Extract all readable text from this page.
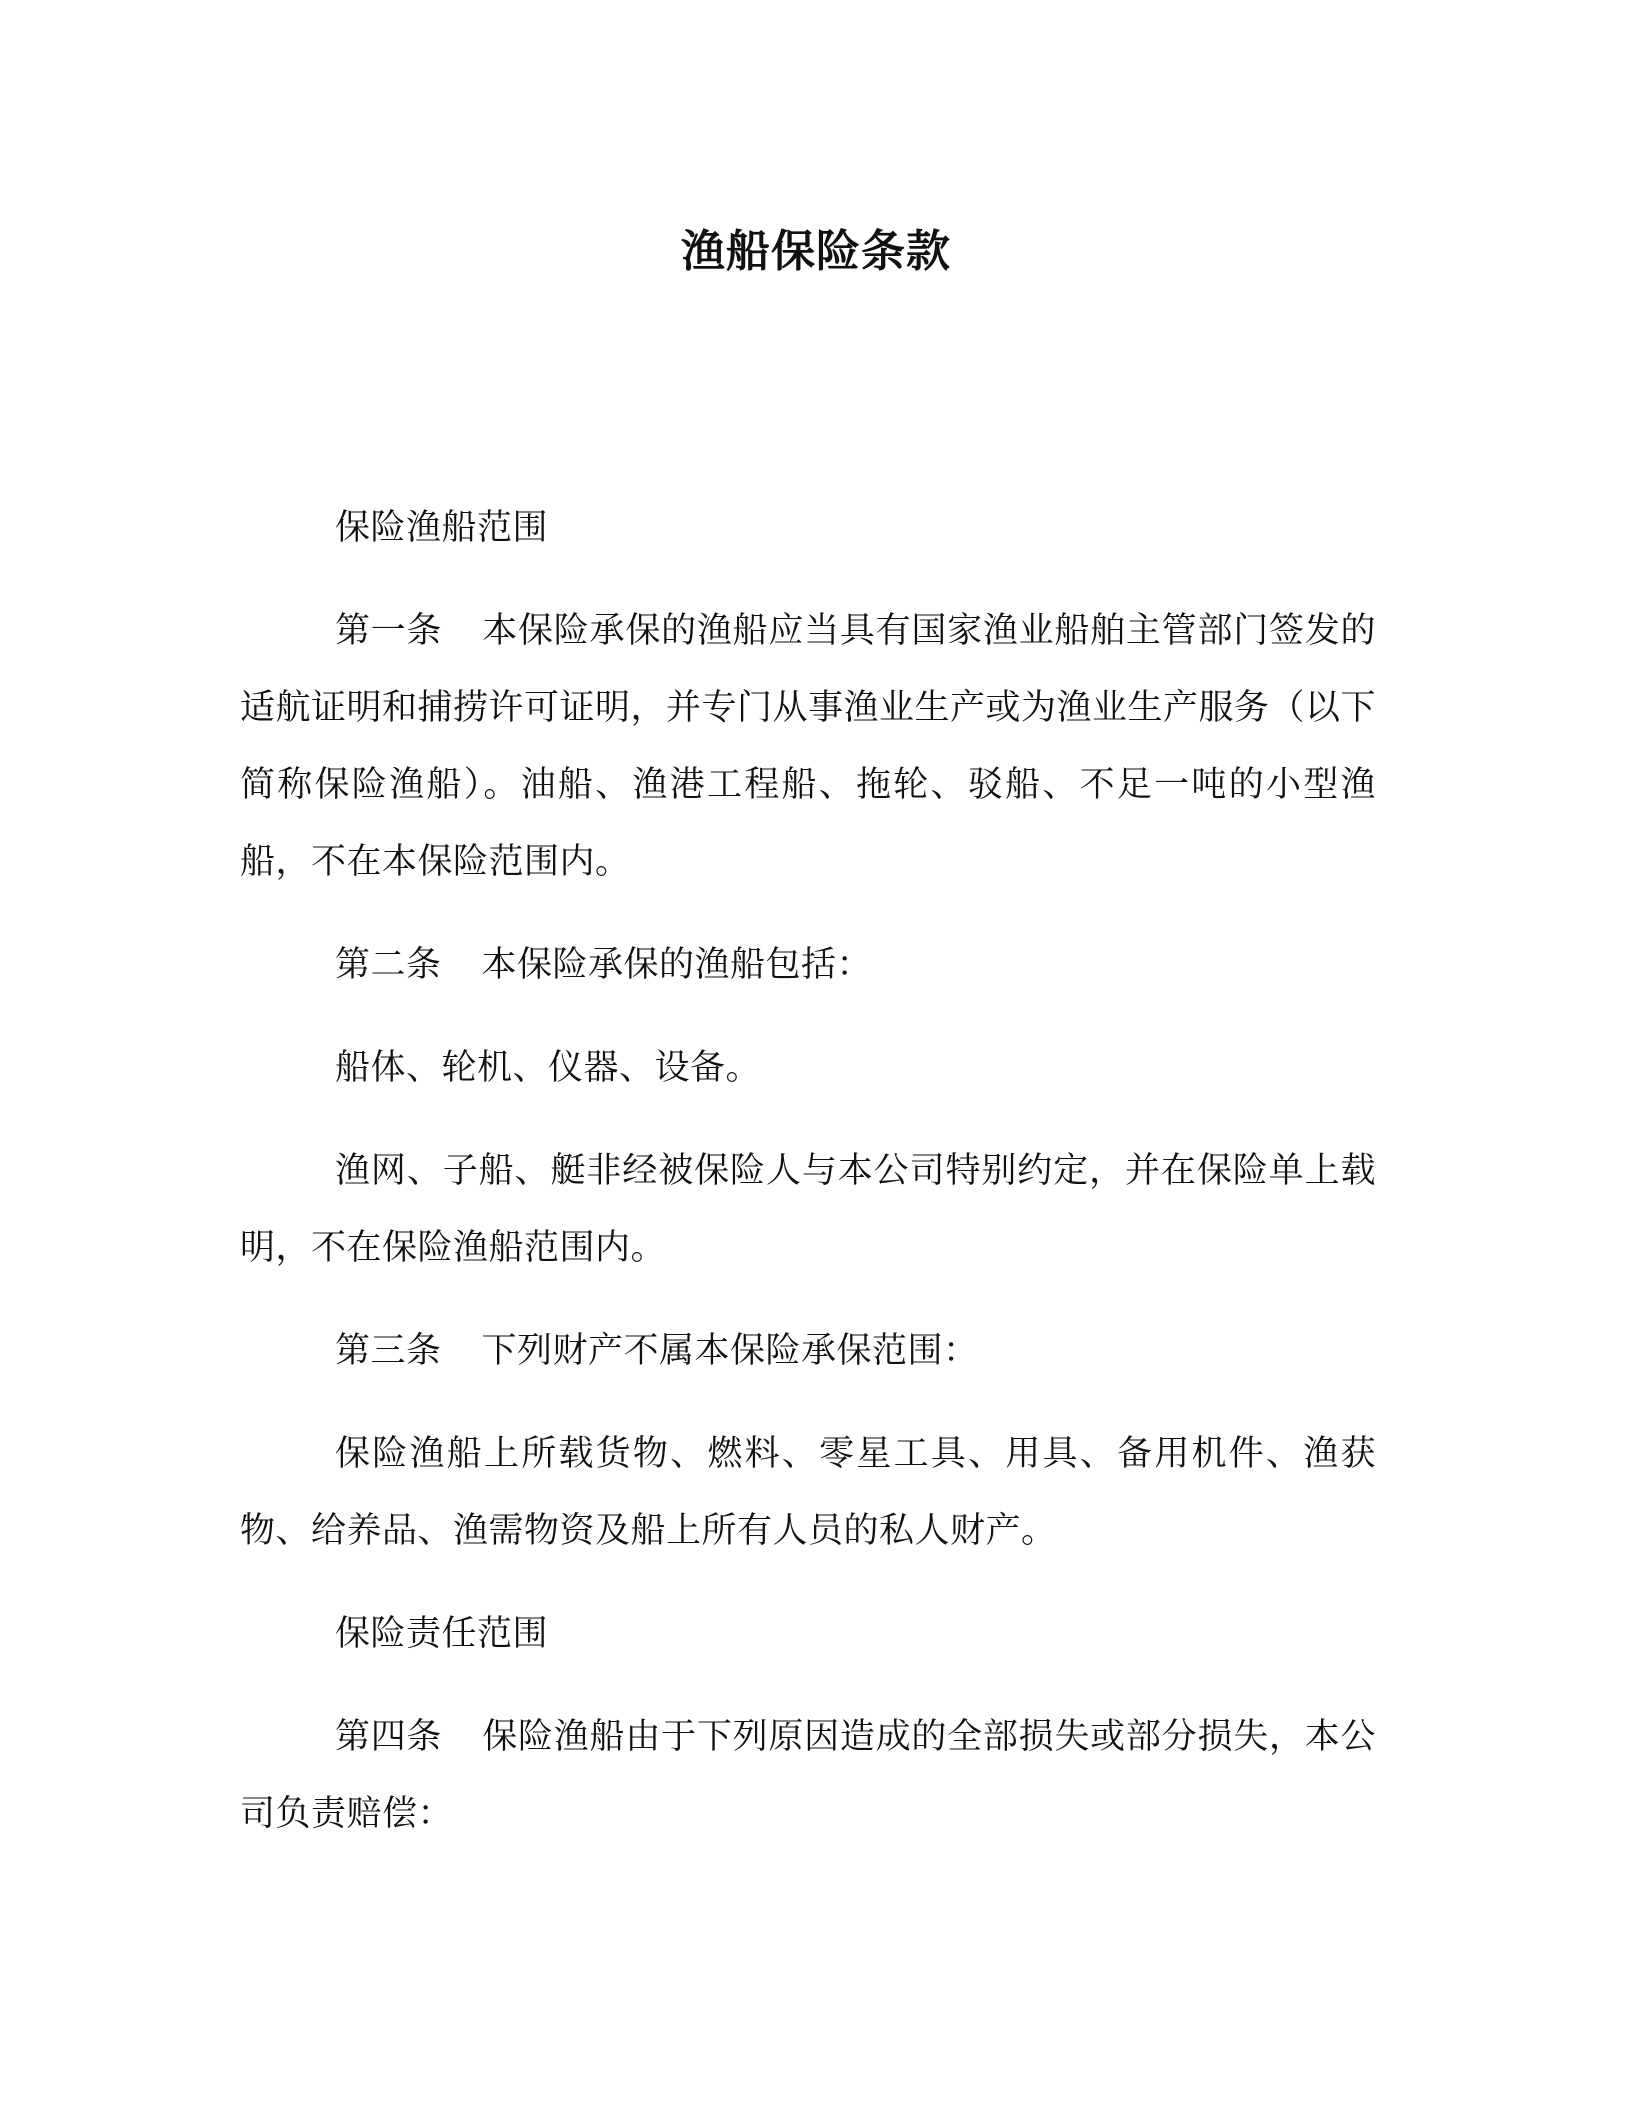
渔船保险条款

保险渔船范围

第一条 本保险承保的渔船应当具有国家渔业船舶主管部门签发的适航证明和捕捞许可证明，并专门从事渔业生产或为渔业生产服务（以下简称保险渔船）。油船、渔港工程船、拖轮、驳船、不足一吨的小型渔船，不在本保险范围内。

第二条 本保险承保的渔船包括：

船体、轮机、仪器、设备。

渔网、子船、艇非经被保险人与本公司特别约定，并在保险单上载明，不在保险渔船范围内。

第三条 下列财产不属本保险承保范围：

保险渔船上所载货物、燃料、零星工具、用具、备用机件、渔获物、给养品、渔需物资及船上所有人员的私人财产。

保险责任范围

第四条 保险渔船由于下列原因造成的全部损失或部分损失，本公司负责赔偿：
